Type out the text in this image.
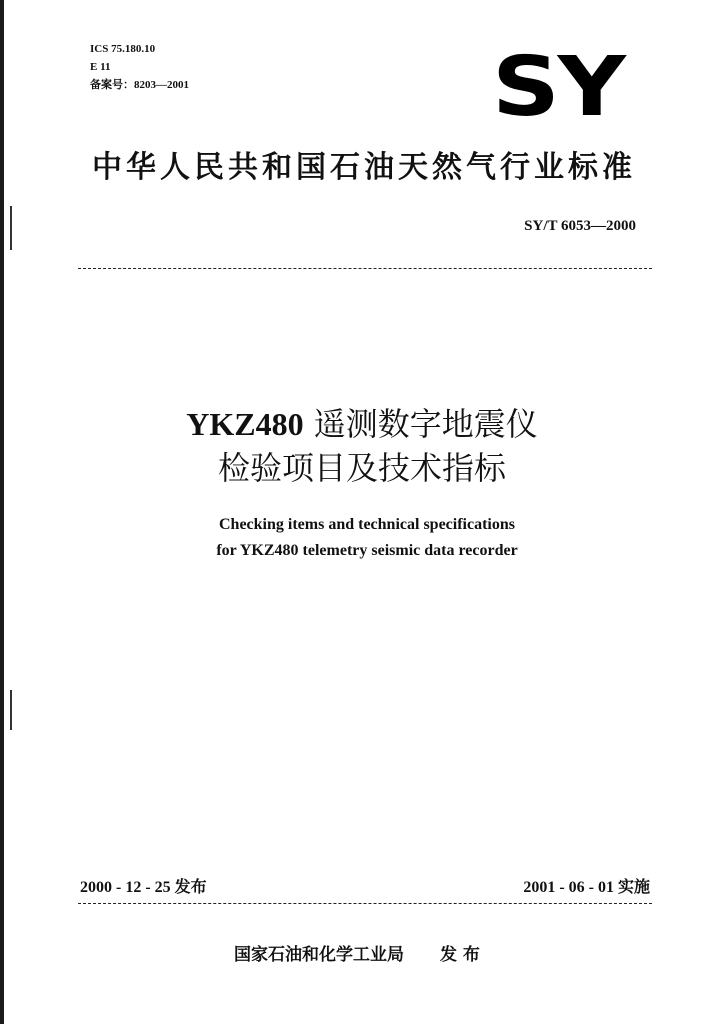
ICS 75.180.10
E 11
备案号：8203—2001	SY
中华人民共和国石油天然气行业标准
SY/T 6053—2000
YKZ480 遥测数字地震仪
检验项目及技术指标
Checking items and technical specifications
for YKZ480 telemetry seismic data recorder
2000 - 12 - 25 发布	2001 - 06 - 01 实施
国家石油和化学工业局 发 布
